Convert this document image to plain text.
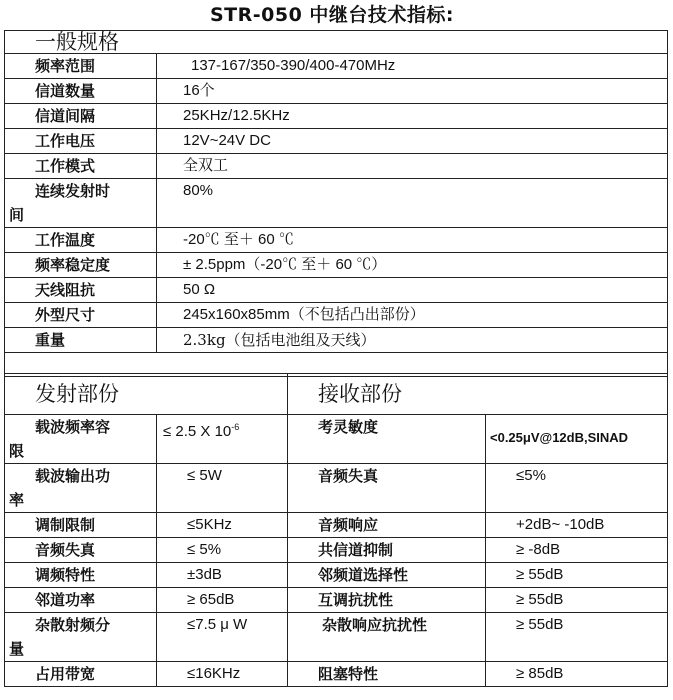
STR-050 中继台技术指标:
一般规格	
频率范围	137-167/350-390/400-470MHz
信道数量	16个
信道间隔	25KHz/12.5KHz
工作电压	12V~24V DC
工作模式	全双工
连续发射时
间	80%
工作温度	-20℃ 至＋ 60 ℃
频率稳定度	± 2.5ppm（-20℃ 至＋ 60 ℃）
天线阻抗	50 Ω
外型尺寸	245x160x85mm（不包括凸出部份）
重量	2.3kg（包括电池组及天线）

发射部份		接收部份	
载波频率容
限	≤ 2.5 X $10^{-6}$	考灵敏度	<0.25μV@12dB,SINAD
载波输出功
率	≤ 5W	音频失真	≤5%
调制限制	≤5KHz	音频响应	+2dB~ -10dB
音频失真	≤ 5%	共信道抑制	≥ -8dB
调频特性	±3dB	邻频道选择性	≥ 55dB
邻道功率	≥ 65dB	互调抗扰性	≥ 55dB
杂散射频分
量	≤7.5 μ W	杂散响应抗扰性	≥ 55dB
占用带宽	≤16KHz	阻塞特性	≥ 85dB
